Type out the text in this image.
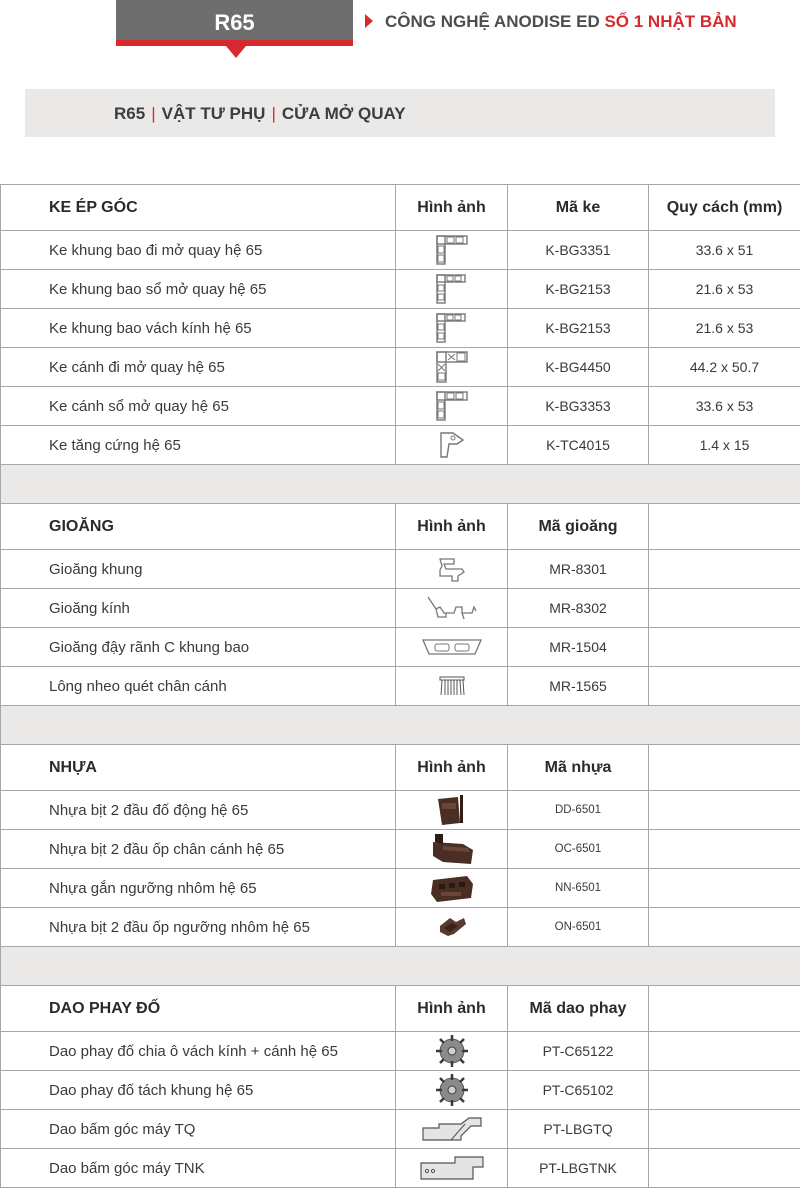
R65	CÔNG NGHỆ ANODISE ED SỐ 1 NHẬT BẢN
R65 | VẬT TƯ PHỤ | CỬA MỞ QUAY
KE ÉP GÓC	Hình ảnh	Mã ke	Quy cách (mm)
Ke khung bao đi mở quay hệ 65		K-BG3351	33.6 x 51
Ke khung bao sổ mở quay hệ 65		K-BG2153	21.6 x 53
Ke khung bao vách kính hệ 65		K-BG2153	21.6 x 53
Ke cánh đi mở quay hệ 65		K-BG4450	44.2 x 50.7
Ke cánh sổ mở quay hệ 65		K-BG3353	33.6 x 53
Ke tăng cứng hệ 65		K-TC4015	1.4 x 15

GIOĂNG	Hình ảnh	Mã gioăng	
Gioăng khung		MR-8301	
Gioăng kính		MR-8302	
Gioăng đậy rãnh C khung bao		MR-1504	
Lông nheo quét chân cánh		MR-1565	

NHỰA	Hình ảnh	Mã nhựa	
Nhựa bịt 2 đầu đố động hệ 65		DD-6501	
Nhựa bịt 2 đầu ốp chân cánh hệ 65		OC-6501	
Nhựa gắn ngưỡng nhôm hệ 65		NN-6501	
Nhựa bịt 2 đầu ốp ngưỡng nhôm hệ 65		ON-6501	

DAO PHAY ĐỐ	Hình ảnh	Mã dao phay	
Dao phay đố chia ô vách kính + cánh hệ 65		PT-C65122	
Dao phay đố tách khung hệ 65		PT-C65102	
Dao bấm góc máy TQ		PT-LBGTQ	
Dao bấm góc máy TNK		PT-LBGTNK	
